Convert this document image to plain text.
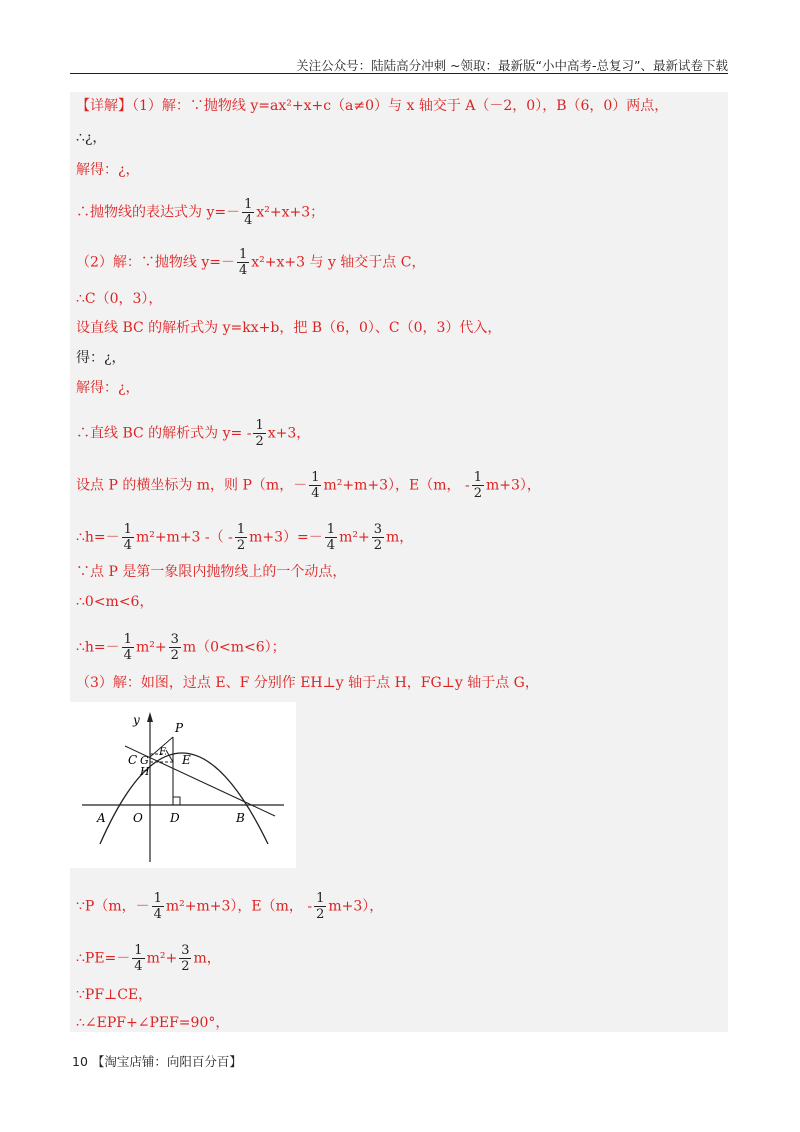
关注公众号：陆陆高分冲刺 ~领取：最新版“小中高考-总复习”、最新试卷下载
【详解】（1）解：∵抛物线 y=ax²+x+c（a≠0）与 x 轴交于 A（－2，0），B（6，0）两点，
∴¿，
解得：¿，
∴抛物线的表达式为 $y=- \frac{1}{4} x^2+x+3$；
（2）解：∵抛物线 $y=- \frac{1}{4} x^2+x+3$ 与 y 轴交于点 C，
∴C（0，3），
设直线 BC 的解析式为 y=kx+b，把 B（6，0）、C（0，3）代入，
得：¿，
解得：¿，
∴直线 BC 的解析式为 $y= - \frac{1}{2} x+3$，
设点 P 的横坐标为 m，则 P（m，－ $\frac{1}{4} m^2+m+3$），E（m， - $\frac{1}{2} m+3$），
∴h=－ $\frac{1}{4} m^2+m+3$ -（ - $\frac{1}{2} m+3)=- \frac{1}{4} m^2+ \frac{3}{2}$ m，
∵点 P 是第一象限内抛物线上的一个动点，
∴0<m<6，
∴h=－ $\frac{1}{4} m^2+ \frac{3}{2} m(0<m<6)$；
（3）解：如图，过点 E、F 分别作 EH⊥y 轴于点 H，FG⊥y 轴于点 G，
y
P
F
C G
H
E
A O D	B
∵P（m，－ $\frac{1}{4} m^2+m+3$），E（m， - $\frac{1}{2} m+3$），
∴PE=－ $\frac{1}{4} m^2+ \frac{3}{2}$ m，
∵PF⊥CE，
∴∠EPF+∠PEF=90°，
10 【淘宝店铺：向阳百分百】
